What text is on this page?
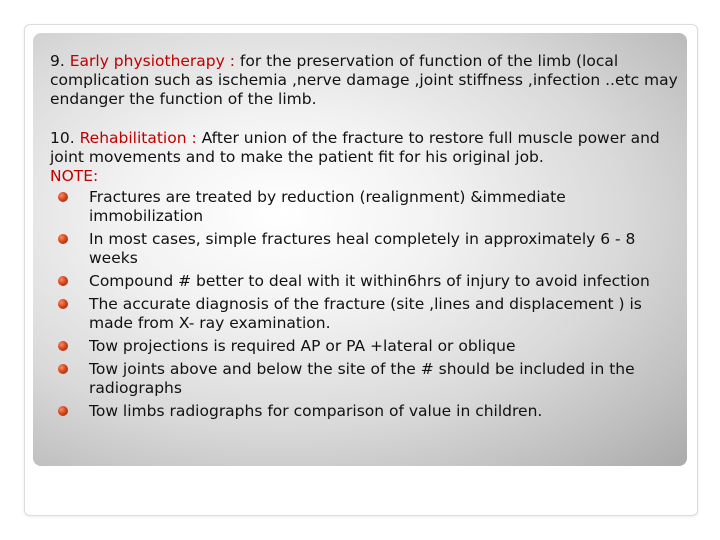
9. Early physiotherapy : for the preservation of function of the limb (local complication such as ischemia ,nerve damage ,joint stiffness ,infection ..etc may endanger the function of the limb.

10. Rehabilitation : After union of the fracture to restore full muscle power and joint movements and to make the patient fit for his original job.

NOTE:

Fractures are treated by reduction (realignment) &immediate immobilization
In most cases, simple fractures heal completely in approximately 6 - 8 weeks
Compound # better to deal with it within6hrs of injury to avoid infection
The accurate diagnosis of the fracture (site ,lines and displacement ) is made from X- ray examination.
Tow projections is required AP or PA +lateral or oblique
Tow joints above and below the site of the # should be included in the radiographs
Tow limbs radiographs for comparison of value in children.
